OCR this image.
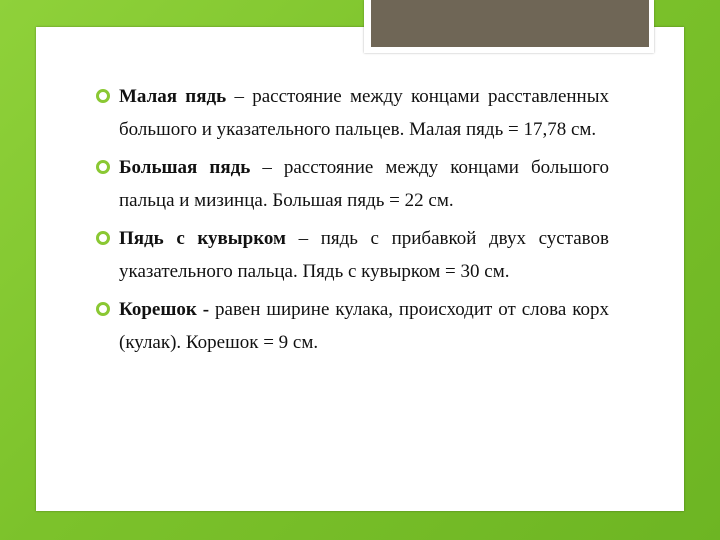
Малая пядь – расстояние между концами расставленных большого и указательного пальцев. Малая пядь = 17,78 см.
Большая пядь – расстояние между концами большого пальца и мизинца. Большая пядь = 22 см.
Пядь с кувырком – пядь с прибавкой двух суставов указательного пальца. Пядь с кувырком = 30 см.
Корешок - равен ширине кулака, происходит от слова корх (кулак). Корешок = 9 см.
